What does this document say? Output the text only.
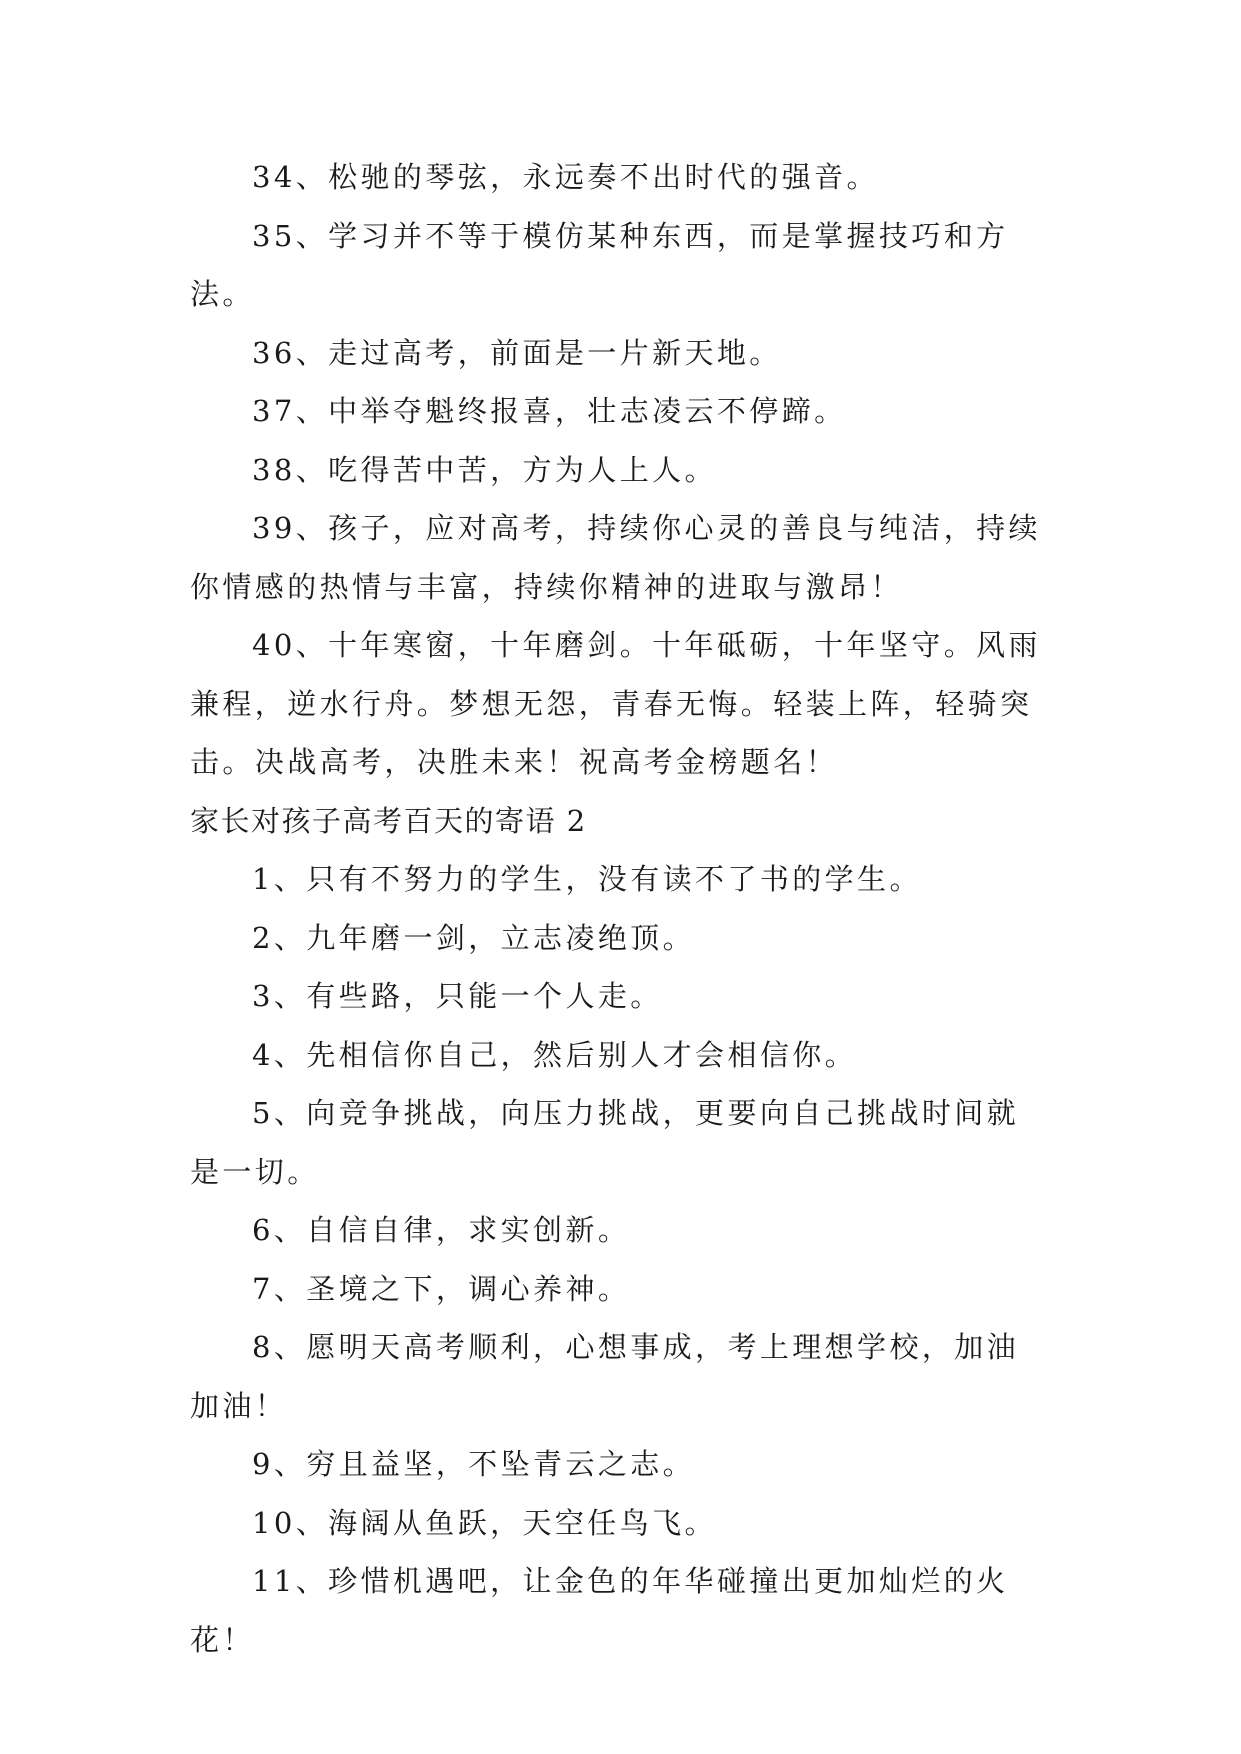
34、松驰的琴弦，永远奏不出时代的强音。

35、学习并不等于模仿某种东西，而是掌握技巧和方法。

36、走过高考，前面是一片新天地。

37、中举夺魁终报喜，壮志凌云不停蹄。

38、吃得苦中苦，方为人上人。

39、孩子，应对高考，持续你心灵的善良与纯洁，持续你情感的热情与丰富，持续你精神的进取与激昂！

40、十年寒窗，十年磨剑。十年砥砺，十年坚守。风雨兼程，逆水行舟。梦想无怨，青春无悔。轻装上阵，轻骑突击。决战高考，决胜未来！祝高考金榜题名！

家长对孩子高考百天的寄语 2

1、只有不努力的学生，没有读不了书的学生。

2、九年磨一剑，立志凌绝顶。

3、有些路，只能一个人走。

4、先相信你自己，然后别人才会相信你。

5、向竞争挑战，向压力挑战，更要向自己挑战时间就是一切。

6、自信自律，求实创新。

7、圣境之下，调心养神。

8、愿明天高考顺利，心想事成，考上理想学校，加油加油！

9、穷且益坚，不坠青云之志。

10、海阔从鱼跃，天空任鸟飞。

11、珍惜机遇吧，让金色的年华碰撞出更加灿烂的火花！
